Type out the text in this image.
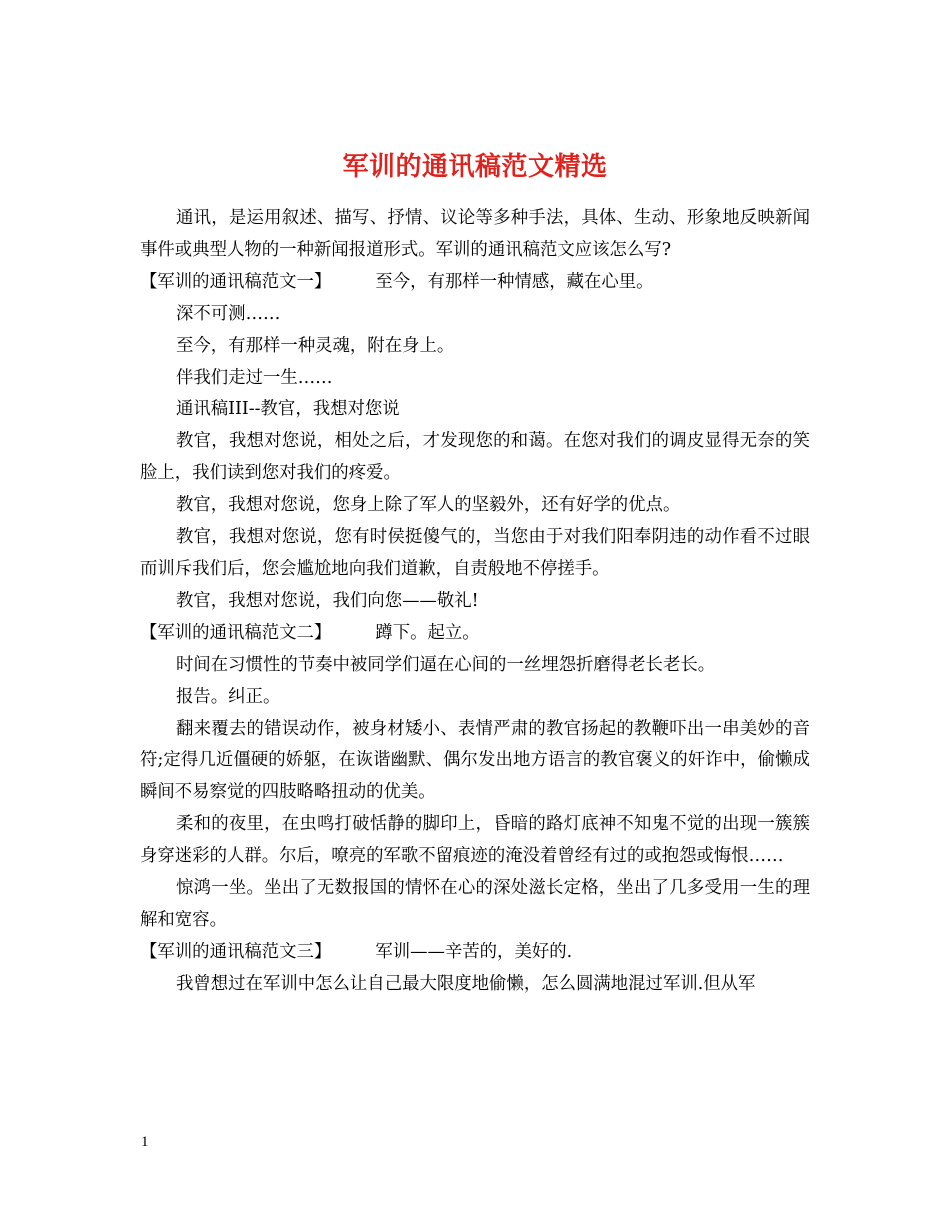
军训的通讯稿范文精选

通讯，是运用叙述、描写、抒情、议论等多种手法，具体、生动、形象地反映新闻事件或典型人物的一种新闻报道形式。军训的通讯稿范文应该怎么写?

【军训的通讯稿范文一】	至今，有那样一种情感，藏在心里。

深不可测……

至今，有那样一种灵魂，附在身上。

伴我们走过一生……

通讯稿III--教官，我想对您说

教官，我想对您说，相处之后，才发现您的和蔼。在您对我们的调皮显得无奈的笑脸上，我们读到您对我们的疼爱。

教官，我想对您说，您身上除了军人的坚毅外，还有好学的优点。

教官，我想对您说，您有时侯挺傻气的，当您由于对我们阳奉阴违的动作看不过眼而训斥我们后，您会尴尬地向我们道歉，自责般地不停搓手。

教官，我想对您说，我们向您——敬礼!

【军训的通讯稿范文二】	蹲下。起立。

时间在习惯性的节奏中被同学们逼在心间的一丝埋怨折磨得老长老长。

报告。纠正。

翻来覆去的错误动作，被身材矮小、表情严肃的教官扬起的教鞭吓出一串美妙的音符;定得几近僵硬的娇躯，在诙谐幽默、偶尔发出地方语言的教官褒义的奸诈中，偷懒成瞬间不易察觉的四肢略略扭动的优美。

柔和的夜里，在虫鸣打破恬静的脚印上，昏暗的路灯底神不知鬼不觉的出现一簇簇身穿迷彩的人群。尔后，嘹亮的军歌不留痕迹的淹没着曾经有过的或抱怨或悔恨……

惊鸿一坐。坐出了无数报国的情怀在心的深处滋长定格，坐出了几多受用一生的理解和宽容。

【军训的通讯稿范文三】	军训——辛苦的，美好的.

我曾想过在军训中怎么让自己最大限度地偷懒，怎么圆满地混过军训.但从军

1
